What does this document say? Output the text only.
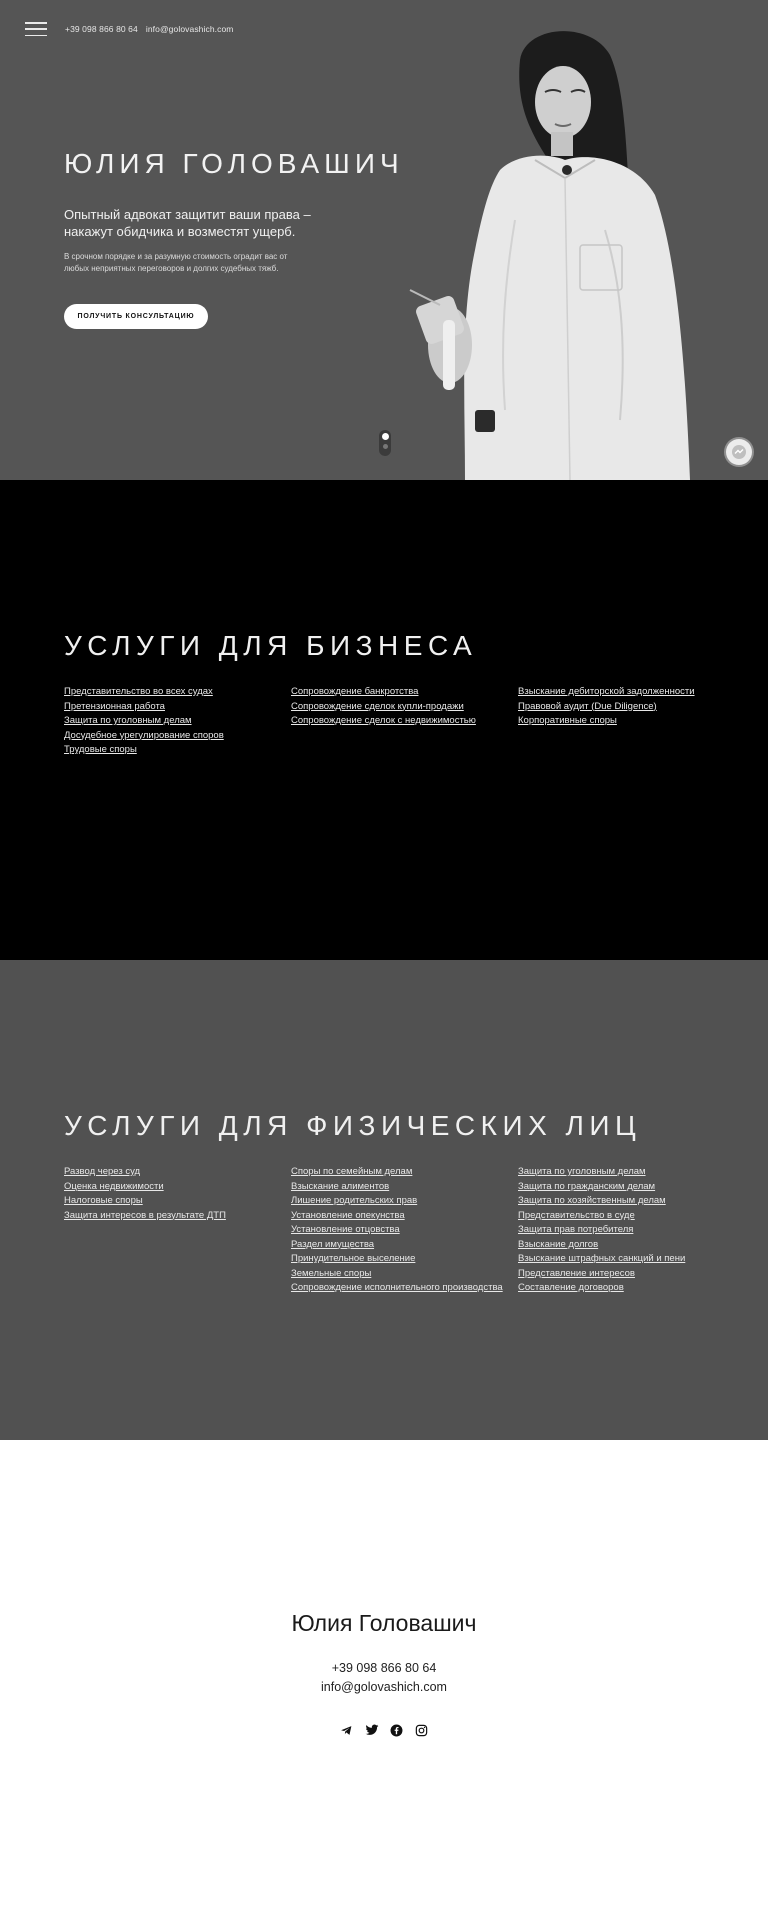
+39 098 866 80 64 info@golovashich.com
ЮЛИЯ ГОЛОВАШИЧ

Опытный адвокат защитит ваши права – накажут обидчика и возместят ущерб.

В срочном порядке и за разумную стоимость оградит вас от любых неприятных переговоров и долгих судебных тяжб.

ПОЛУЧИТЬ КОНСУЛЬТАЦИЮ
УСЛУГИ ДЛЯ БИЗНЕСА
Представительство во всех судах
Претензионная работа
Защита по уголовным делам
Досудебное урегулирование споров
Трудовые споры
Сопровождение банкротства
Сопровождение сделок купли-продажи
Сопровождение сделок с недвижимостью
Взыскание дебиторской задолженности
Правовой аудит (Due Diligence)
Корпоративные споры
УСЛУГИ ДЛЯ ФИЗИЧЕСКИХ ЛИЦ
Развод через суд
Оценка недвижимости
Налоговые споры
Защита интересов в результате ДТП
Споры по семейным делам
Взыскание алиментов
Лишение родительских прав
Установление опекунства
Установление отцовства
Раздел имущества
Принудительное выселение
Земельные споры
Сопровождение исполнительного производства
Защита по уголовным делам
Защита по гражданским делам
Защита по хозяйственным делам
Представительство в суде
Защита прав потребителя
Взыскание долгов
Взыскание штрафных санкций и пени
Представление интересов
Составление договоров
Юлия Головашич
+39 098 866 80 64
info@golovashich.com
